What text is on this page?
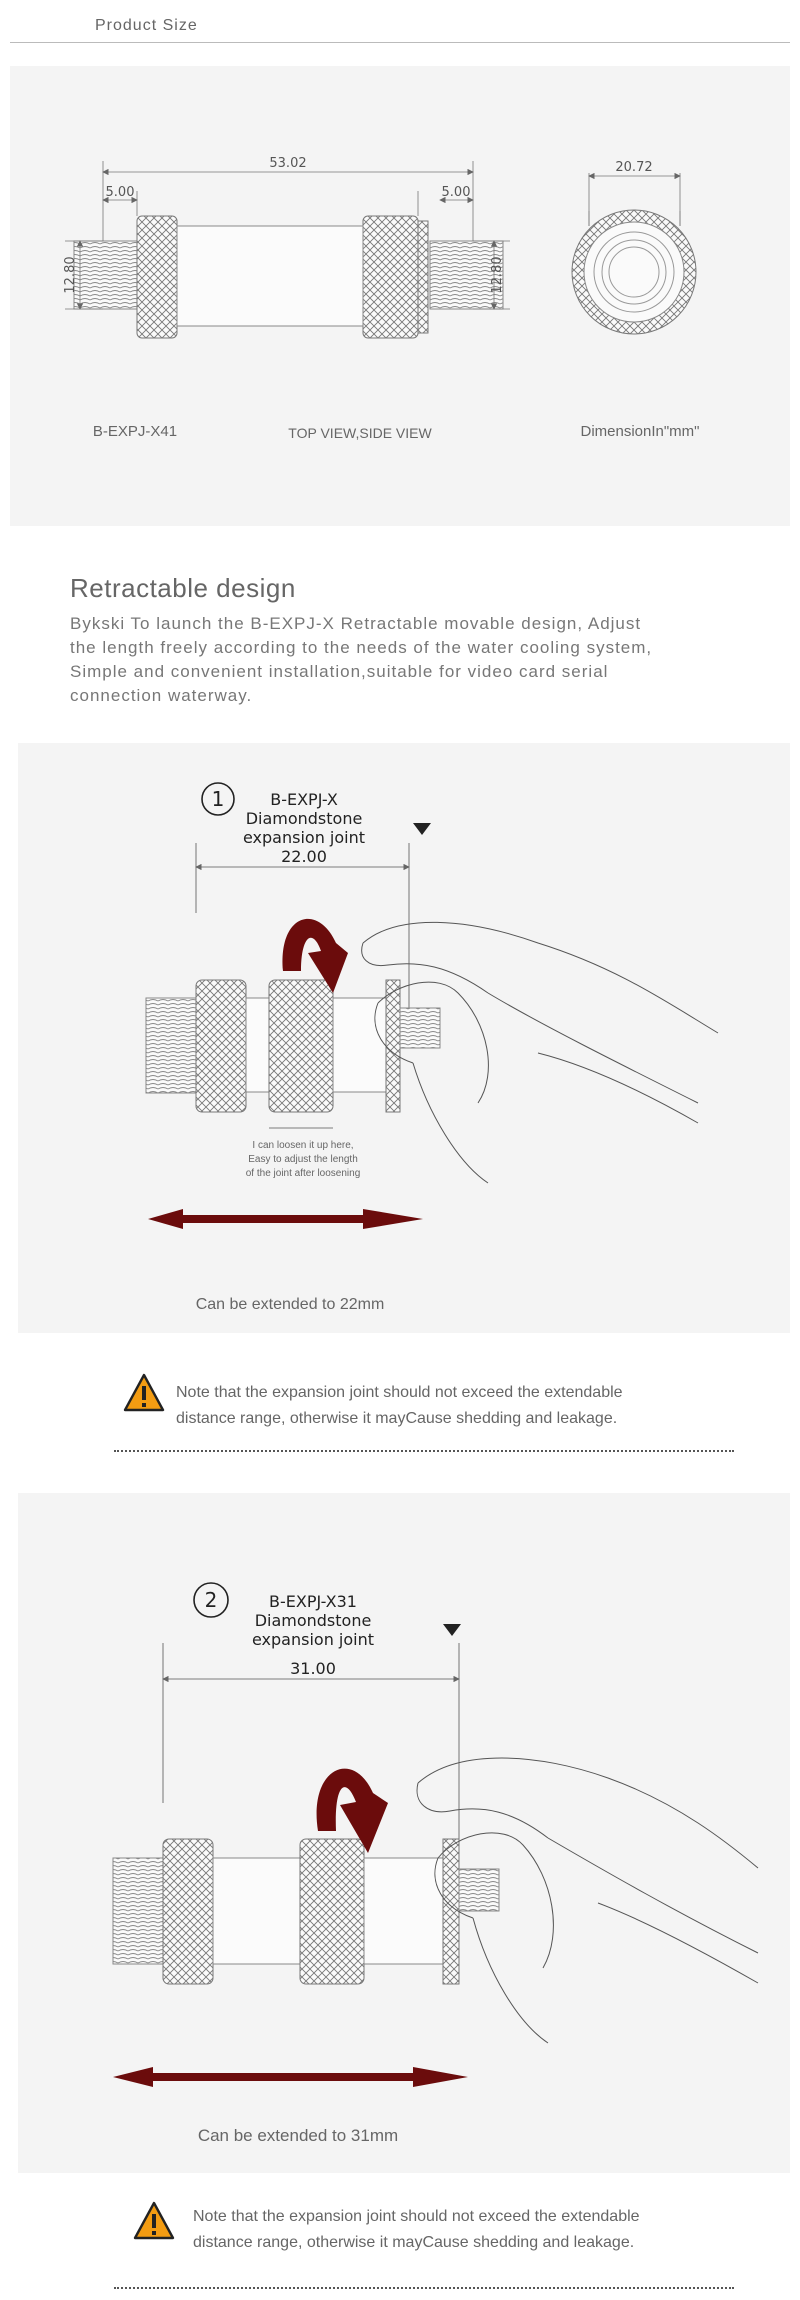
Product Size
53.02
5.00	5.00
12.80	12.80
20.72
B-EXPJ-X41	TOP VIEW,SIDE VIEW	DimensionIn"mm"
Retractable design
Bykski To launch the B-EXPJ-X Retractable movable design, Adjust
the length freely according to the needs of the water cooling system,
Simple and convenient installation,suitable for video card serial
connection waterway.
1	B-EXPJ-X
Diamondstone
expansion joint
22.00
I can loosen it up here,
Easy to adjust the length
of the joint after loosening
Can be extended to 22mm
Note that the expansion joint should not exceed the extendable
distance range, otherwise it mayCause shedding and leakage.
2	B-EXPJ-X31
Diamondstone
expansion joint
31.00
Can be extended to 31mm
Note that the expansion joint should not exceed the extendable
distance range, otherwise it mayCause shedding and leakage.
